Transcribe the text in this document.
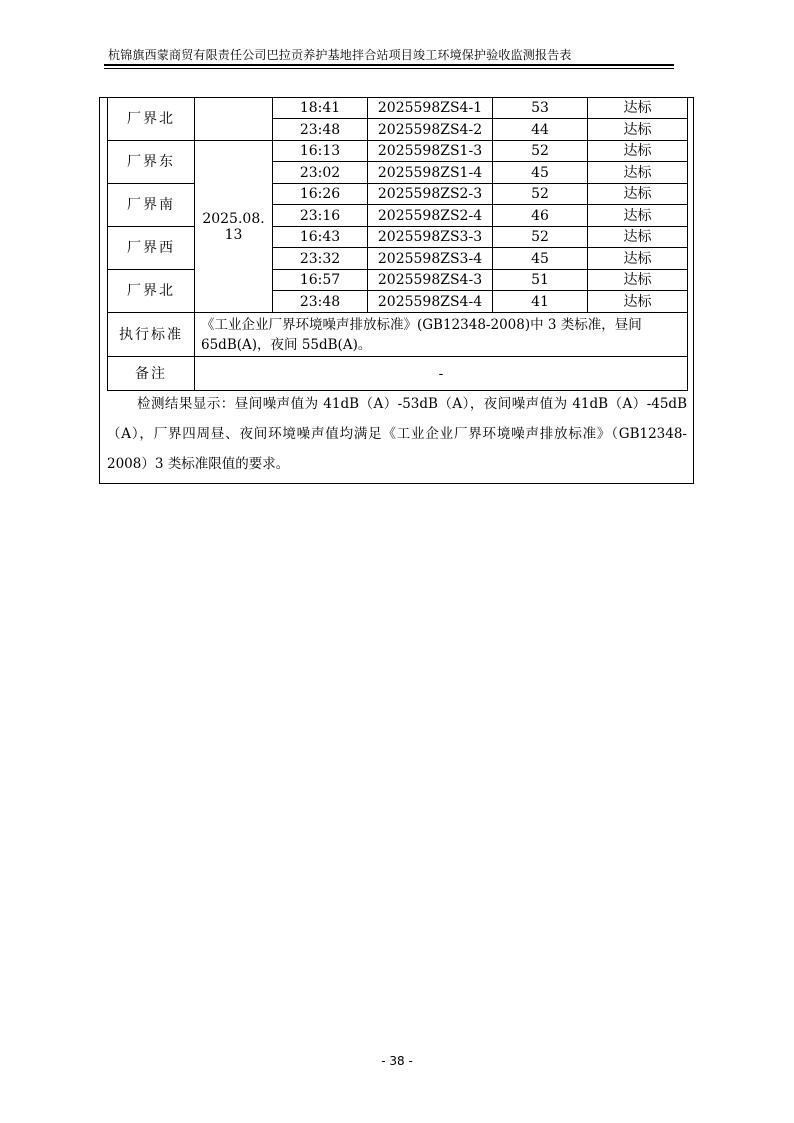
杭锦旗西蒙商贸有限责任公司巴拉贡养护基地拌合站项目竣工环境保护验收监测报告表
厂界北		18:41	2025598ZS4-1	53	达标
		23:48	2025598ZS4-2	44	达标
厂界东	2025.08.13	16:13	2025598ZS1-3	52	达标
		23:02	2025598ZS1-4	45	达标
厂界南		16:26	2025598ZS2-3	52	达标
		23:16	2025598ZS2-4	46	达标
厂界西		16:43	2025598ZS3-3	52	达标
		23:32	2025598ZS3-4	45	达标
厂界北		16:57	2025598ZS4-3	51	达标
		23:48	2025598ZS4-4	41	达标
执行标准	《工业企业厂界环境噪声排放标准》(GB12348-2008)中 3 类标准，昼间 65dB(A)，夜间 55dB(A)。				
备注	-				
检测结果显示：昼间噪声值为 41dB（A）-53dB（A），夜间噪声值为 41dB（A）-45dB（A），厂界四周昼、夜间环境噪声值均满足《工业企业厂界环境噪声排放标准》（GB12348-2008）3 类标准限值的要求。
- 38 -
